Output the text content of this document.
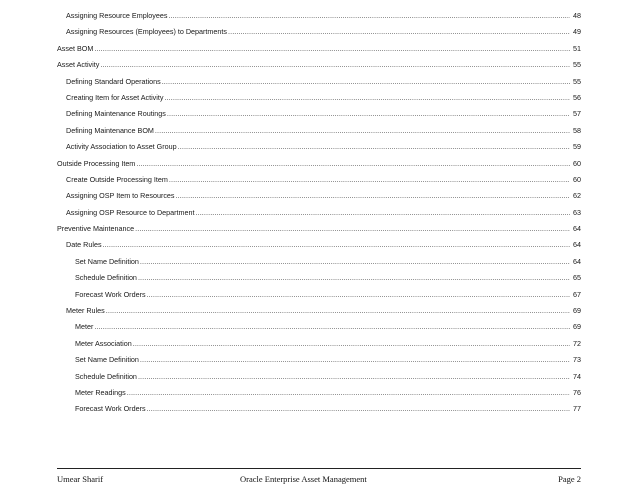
Assigning Resource Employees .....	48
Assigning Resources (Employees) to Departments .....	49
Asset BOM .....	51
Asset Activity .....	55
Defining Standard Operations .....	55
Creating Item for Asset Activity .....	56
Defining Maintenance Routings .....	57
Defining Maintenance BOM .....	58
Activity Association to Asset Group .....	59
Outside Processing Item .....	60
Create Outside Processing Item .....	60
Assigning OSP Item to Resources .....	62
Assigning OSP Resource to Department .....	63
Preventive Maintenance .....	64
Date Rules .....	64
Set Name Definition .....	64
Schedule Definition .....	65
Forecast Work Orders .....	67
Meter Rules .....	69
Meter .....	69
Meter Association .....	72
Set Name Definition .....	73
Schedule Definition .....	74
Meter Readings .....	76
Forecast Work Orders .....	77
Umear Sharif	Oracle Enterprise Asset Management	Page 2
